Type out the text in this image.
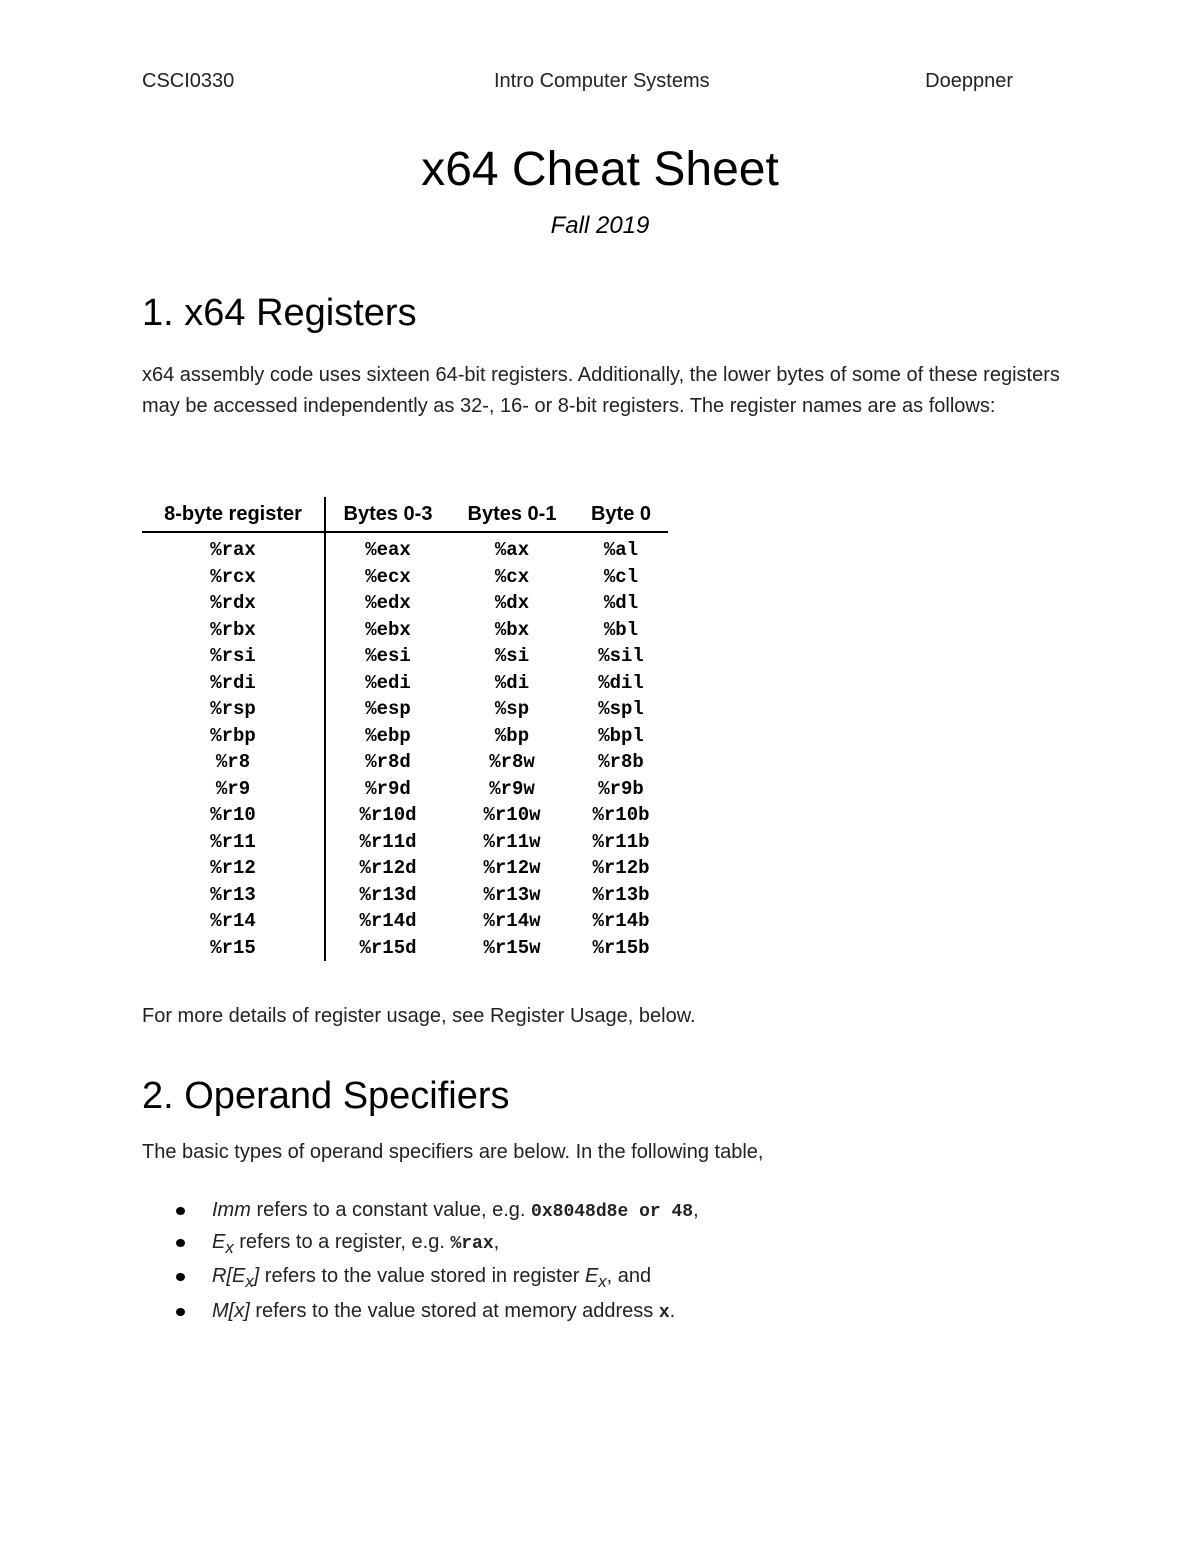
CSCI0330	Intro Computer Systems	Doeppner
x64 Cheat Sheet
Fall 2019
1. x64 Registers

x64 assembly code uses sixteen 64-bit registers. Additionally, the lower bytes of some of these registers may be accessed independently as 32-, 16- or 8-bit registers. The register names are as follows:

8-byte register	Bytes 0-3	Bytes 0-1	Byte 0
%rax	%eax	%ax	%al
%rcx	%ecx	%cx	%cl
%rdx	%edx	%dx	%dl
%rbx	%ebx	%bx	%bl
%rsi	%esi	%si	%sil
%rdi	%edi	%di	%dil
%rsp	%esp	%sp	%spl
%rbp	%ebp	%bp	%bpl
%r8	%r8d	%r8w	%r8b
%r9	%r9d	%r9w	%r9b
%r10	%r10d	%r10w	%r10b
%r11	%r11d	%r11w	%r11b
%r12	%r12d	%r12w	%r12b
%r13	%r13d	%r13w	%r13b
%r14	%r14d	%r14w	%r14b
%r15	%r15d	%r15w	%r15b

For more details of register usage, see Register Usage, below.

2. Operand Specifiers

The basic types of operand specifiers are below. In the following table,

Imm refers to a constant value, e.g. 0x8048d8e or 48,
$E_x$ refers to a register, e.g. %rax,
$R[E_x]$ refers to the value stored in register $E_x$, and
M[x] refers to the value stored at memory address x.
